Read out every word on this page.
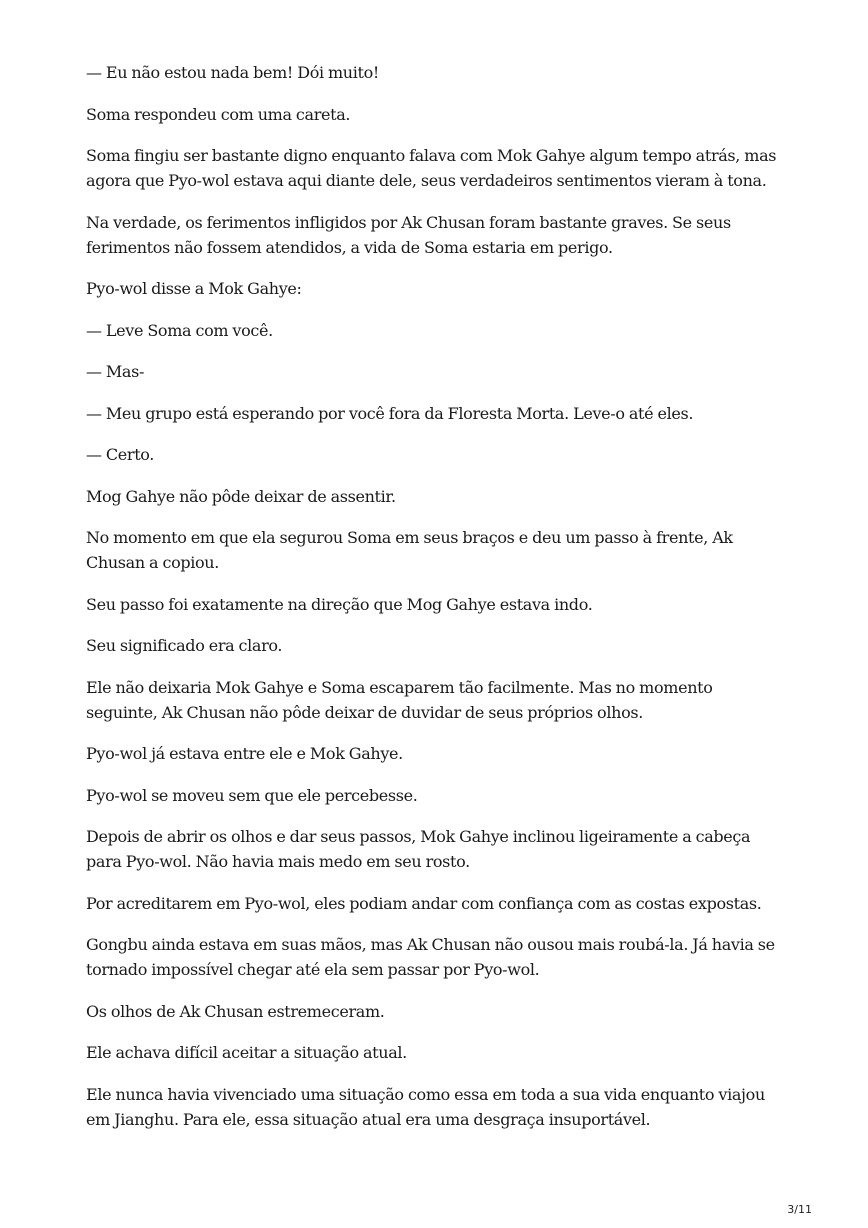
— Eu não estou nada bem! Dói muito!

Soma respondeu com uma careta.

Soma fingiu ser bastante digno enquanto falava com Mok Gahye algum tempo atrás, mas agora que Pyo-wol estava aqui diante dele, seus verdadeiros sentimentos vieram à tona.

Na verdade, os ferimentos infligidos por Ak Chusan foram bastante graves. Se seus ferimentos não fossem atendidos, a vida de Soma estaria em perigo.

Pyo-wol disse a Mok Gahye:

— Leve Soma com você.

— Mas-

— Meu grupo está esperando por você fora da Floresta Morta. Leve-o até eles.

— Certo.

Mog Gahye não pôde deixar de assentir.

No momento em que ela segurou Soma em seus braços e deu um passo à frente, Ak Chusan a copiou.

Seu passo foi exatamente na direção que Mog Gahye estava indo.

Seu significado era claro.

Ele não deixaria Mok Gahye e Soma escaparem tão facilmente. Mas no momento seguinte, Ak Chusan não pôde deixar de duvidar de seus próprios olhos.

Pyo-wol já estava entre ele e Mok Gahye.

Pyo-wol se moveu sem que ele percebesse.

Depois de abrir os olhos e dar seus passos, Mok Gahye inclinou ligeiramente a cabeça para Pyo-wol. Não havia mais medo em seu rosto.

Por acreditarem em Pyo-wol, eles podiam andar com confiança com as costas expostas.

Gongbu ainda estava em suas mãos, mas Ak Chusan não ousou mais roubá-la. Já havia se tornado impossível chegar até ela sem passar por Pyo-wol.

Os olhos de Ak Chusan estremeceram.

Ele achava difícil aceitar a situação atual.

Ele nunca havia vivenciado uma situação como essa em toda a sua vida enquanto viajou em Jianghu. Para ele, essa situação atual era uma desgraça insuportável.

3/11
